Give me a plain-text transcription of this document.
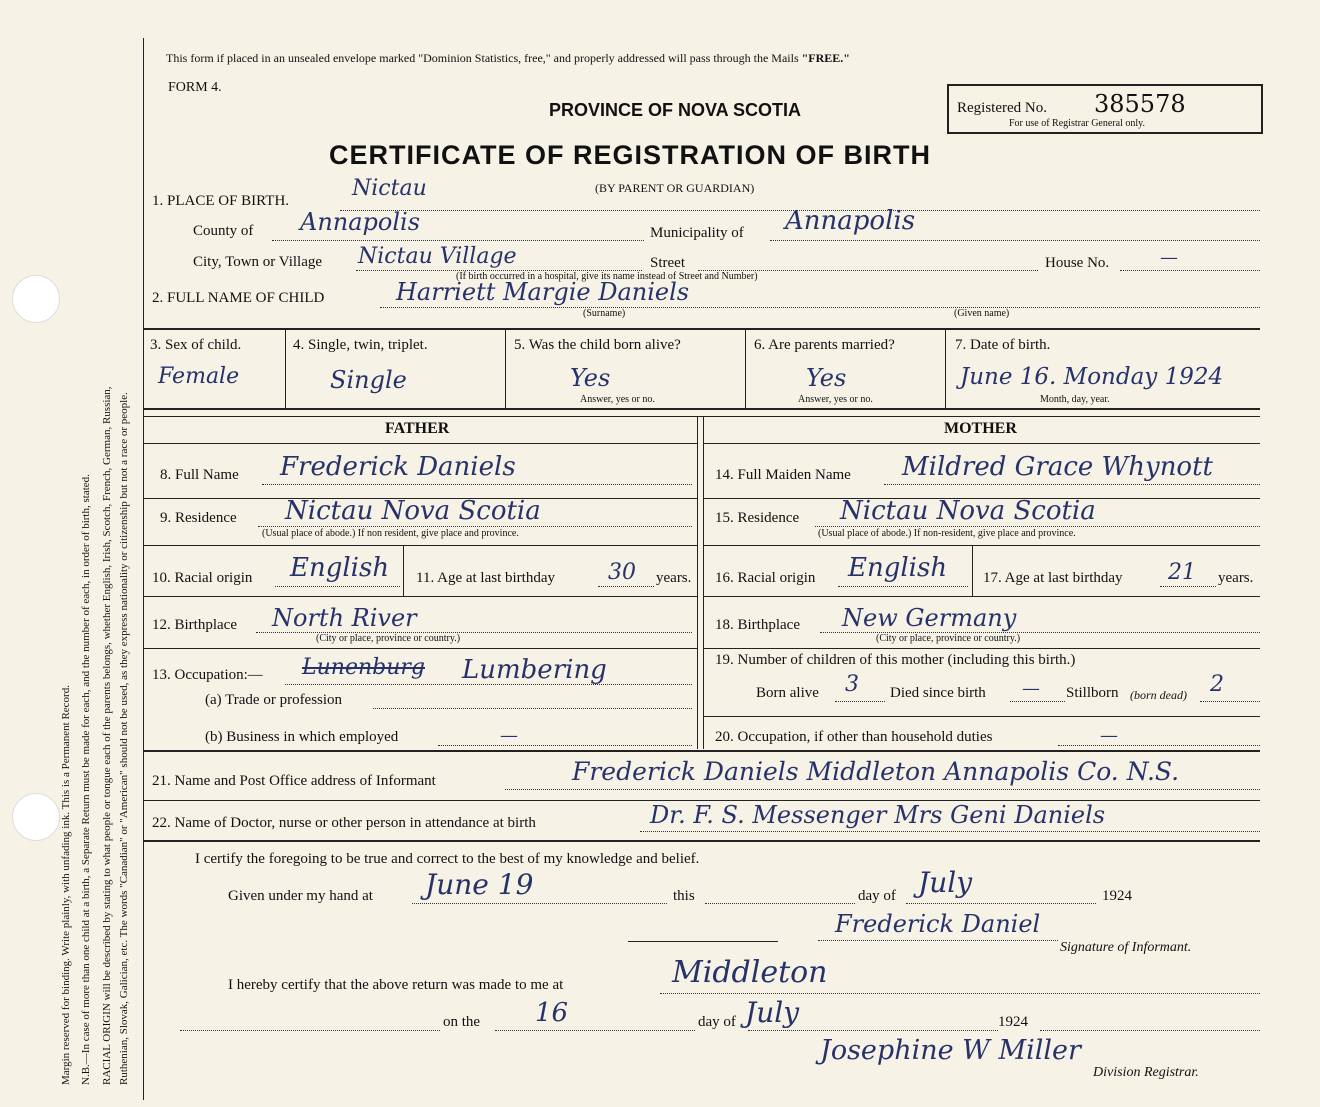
Margin reserved for binding. Write plainly, with unfading ink. This is a Permanent Record. N.B.—In case of more than one child at a birth, a Separate Return must be made for each, and the number of each, in order of birth, stated. RACIAL ORIGIN will be described by stating to what people or tongue each of the parents belongs, whether English, Irish, Scotch, French, German, Russian, Ruthenian, Slovak, Galician, etc. The words "Canadian" or "American" should not be used, as they express nationality or citizenship but not a race or people.
This form if placed in an unsealed envelope marked "Dominion Statistics, free," and properly addressed will pass through the Mails "FREE."
FORM 4.
PROVINCE OF NOVA SCOTIA	Registered No. 385578
For use of Registrar General only.
CERTIFICATE OF REGISTRATION OF BIRTH
(BY PARENT OR GUARDIAN)
1. PLACE OF BIRTH.	Nictau
County of Annapolis	Municipality of Annapolis
City, Town or Village Nictau Village	Street
(If birth occurred in a hospital, give its name instead of Street and Number)
House No.	—
2. FULL NAME OF CHILD	Harriett Margie Daniels
(Surname)	(Given name)
3. Sex of child.
Female
4. Single, twin, triplet.
Single
5. Was the child born alive?
Yes
Answer, yes or no.
6. Are parents married?
Yes
Answer, yes or no.
7. Date of birth.
June 16. Monday 1924
Month, day, year.
FATHER	MOTHER
8. Full Name Frederick Daniels
9. Residence Nictau Nova Scotia
(Usual place of abode.) If non resident, give place and province.
10. Racial origin English 11. Age at last birthday 30 years.
12. Birthplace North River
(City or place, province or country.)
13. Occupation:— Lunenburg Lumbering
(a) Trade or profession
(b) Business in which employed	—
14. Full Maiden Name Mildred Grace Whynott
15. Residence Nictau Nova Scotia
(Usual place of abode.) If non-resident, give place and province.
16. Racial origin English 17. Age at last birthday 21 years.
18. Birthplace New Germany
(City or place, province or country.)
19. Number of children of this mother (including this birth.)
Born alive 3 Died since birth — Stillborn (born dead) 2
20. Occupation, if other than household duties	—
21. Name and Post Office address of Informant	Frederick Daniels Middleton Annapolis Co. N.S.
22. Name of Doctor, nurse or other person in attendance at birth	Dr. F. S. Messenger Mrs Geni Daniels
I certify the foregoing to be true and correct to the best of my knowledge and belief.
Given under my hand at June 19	this	day of July	1924
Frederick Daniel
Signature of Informant.
I hereby certify that the above return was made to me at	Middleton
on the 16	day of July	1924
Josephine W Miller
Division Registrar.
